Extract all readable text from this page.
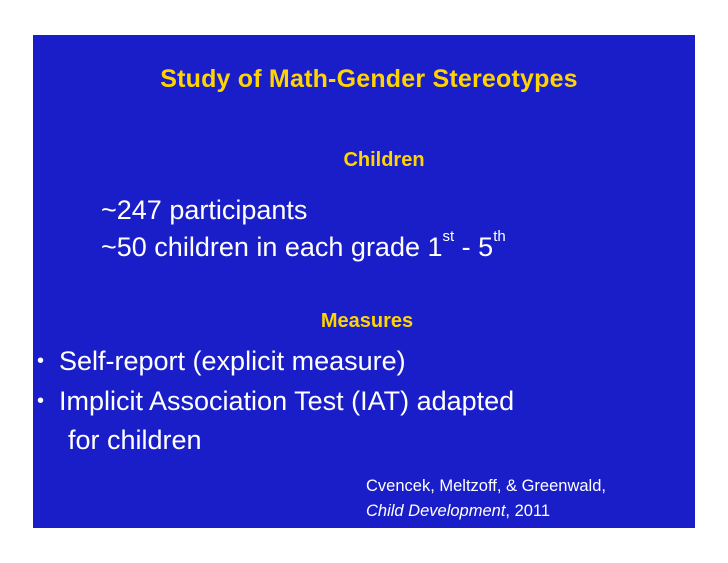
Study of Math-Gender Stereotypes
Children
~247 participants
~50 children in each grade 1st - 5th
Measures
• Self-report (explicit measure)
• Implicit Association Test (IAT) adapted
for children
Cvencek, Meltzoff, & Greenwald,
Child Development, 2011
